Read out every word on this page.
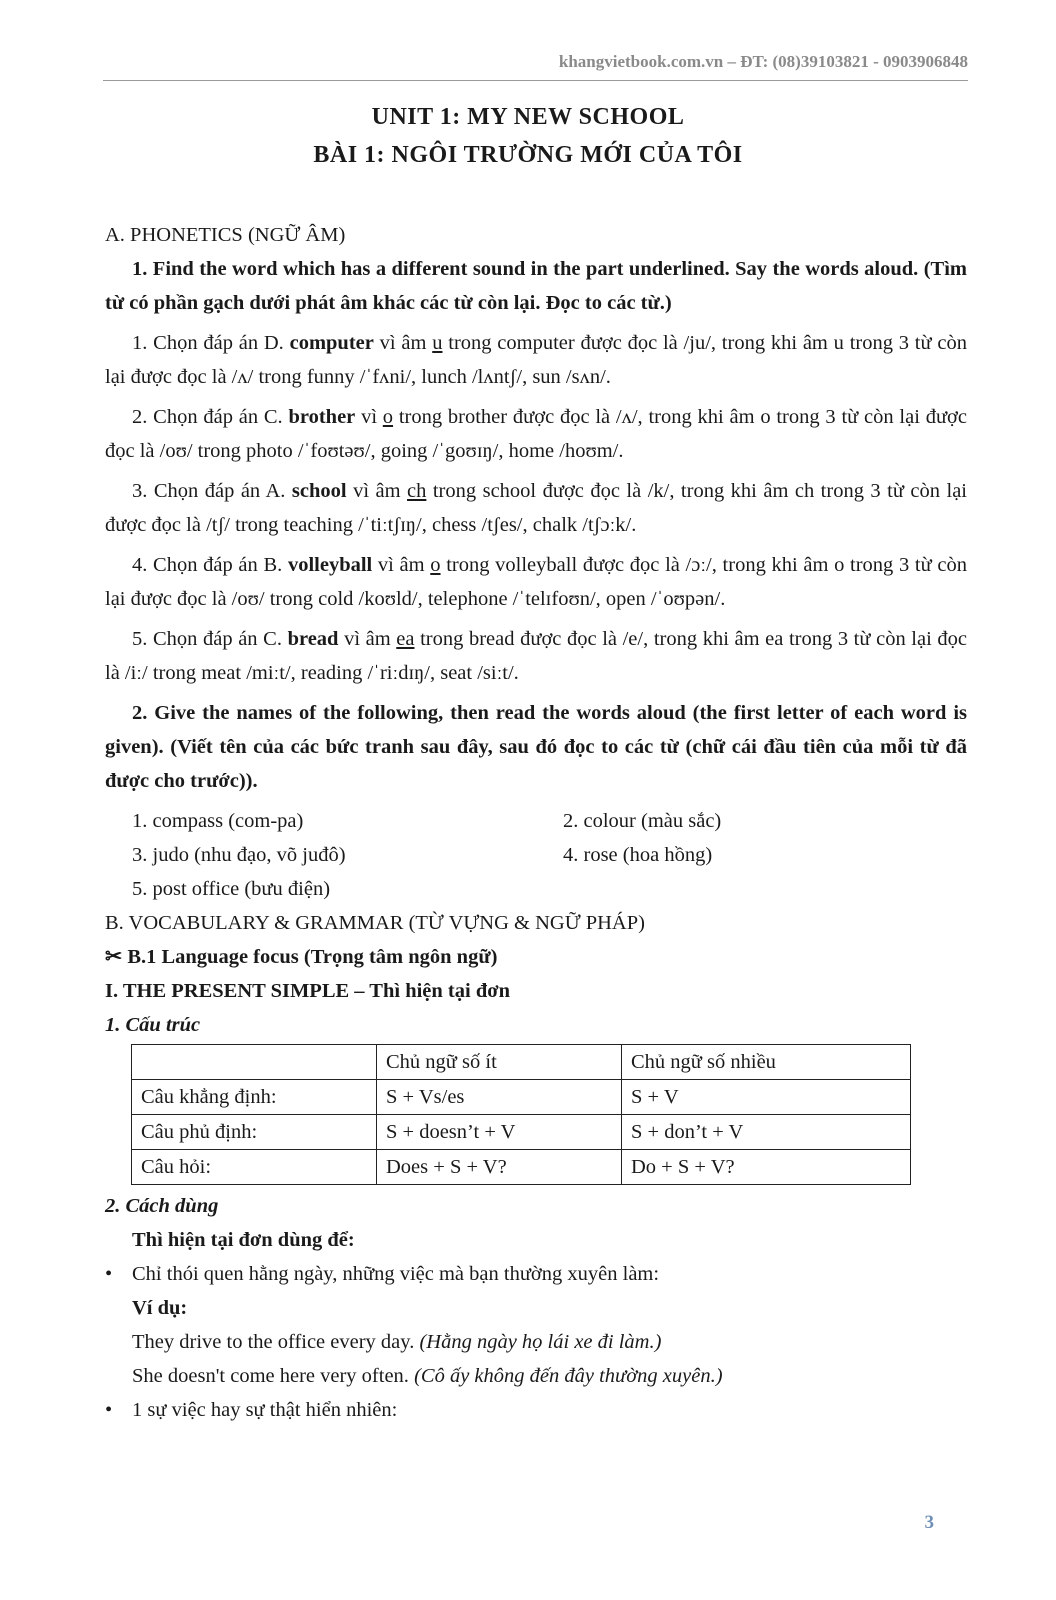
khangvietbook.com.vn – ĐT: (08)39103821 - 0903906848
UNIT 1: MY NEW SCHOOL
BÀI 1: NGÔI TRƯỜNG MỚI CỦA TÔI

A. PHONETICS (NGỮ ÂM)

1. Find the word which has a different sound in the part underlined. Say the words aloud. (Tìm từ có phần gạch dưới phát âm khác các từ còn lại. Đọc to các từ.)

1. Chọn đáp án D. computer vì âm u trong computer được đọc là /ju/, trong khi âm u trong 3 từ còn lại được đọc là /ʌ/ trong funny /ˈfʌni/, lunch /lʌntʃ/, sun /sʌn/.

2. Chọn đáp án C. brother vì o trong brother được đọc là /ʌ/, trong khi âm o trong 3 từ còn lại được đọc là /oʊ/ trong photo /ˈfoʊtəʊ/, going /ˈgoʊɪŋ/, home /hoʊm/.

3. Chọn đáp án A. school vì âm ch trong school được đọc là /k/, trong khi âm ch trong 3 từ còn lại được đọc là /tʃ/ trong teaching /ˈtiːtʃɪŋ/, chess /tʃes/, chalk /tʃɔːk/.

4. Chọn đáp án B. volleyball vì âm o trong volleyball được đọc là /ɔː/, trong khi âm o trong 3 từ còn lại được đọc là /oʊ/ trong cold /koʊld/, telephone /ˈtelɪfoʊn/, open /ˈoʊpən/.

5. Chọn đáp án C. bread vì âm ea trong bread được đọc là /e/, trong khi âm ea trong 3 từ còn lại đọc là /iː/ trong meat /miːt/, reading /ˈriːdɪŋ/, seat /siːt/.

2. Give the names of the following, then read the words aloud (the first letter of each word is given). (Viết tên của các bức tranh sau đây, sau đó đọc to các từ (chữ cái đầu tiên của mỗi từ đã được cho trước)).

1. compass (com-pa)	2. colour (màu sắc)
3. judo (nhu đạo, võ juđô)	4. rose (hoa hồng)
5. post office (bưu điện)

B. VOCABULARY & GRAMMAR (TỪ VỰNG & NGỮ PHÁP)

✂ B.1 Language focus (Trọng tâm ngôn ngữ)

I. THE PRESENT SIMPLE – Thì hiện tại đơn

1. Cấu trúc

	Chủ ngữ số ít	Chủ ngữ số nhiều
Câu khẳng định:	S + Vs/es	S + V
Câu phủ định:	S + doesn’t + V	S + don’t + V
Câu hỏi:	Does + S + V?	Do + S + V?

2. Cách dùng

Thì hiện tại đơn dùng để:

• Chỉ thói quen hằng ngày, những việc mà bạn thường xuyên làm:

Ví dụ:

They drive to the office every day. (Hằng ngày họ lái xe đi làm.)

She doesn't come here very often. (Cô ấy không đến đây thường xuyên.)

• 1 sự việc hay sự thật hiển nhiên:

3
